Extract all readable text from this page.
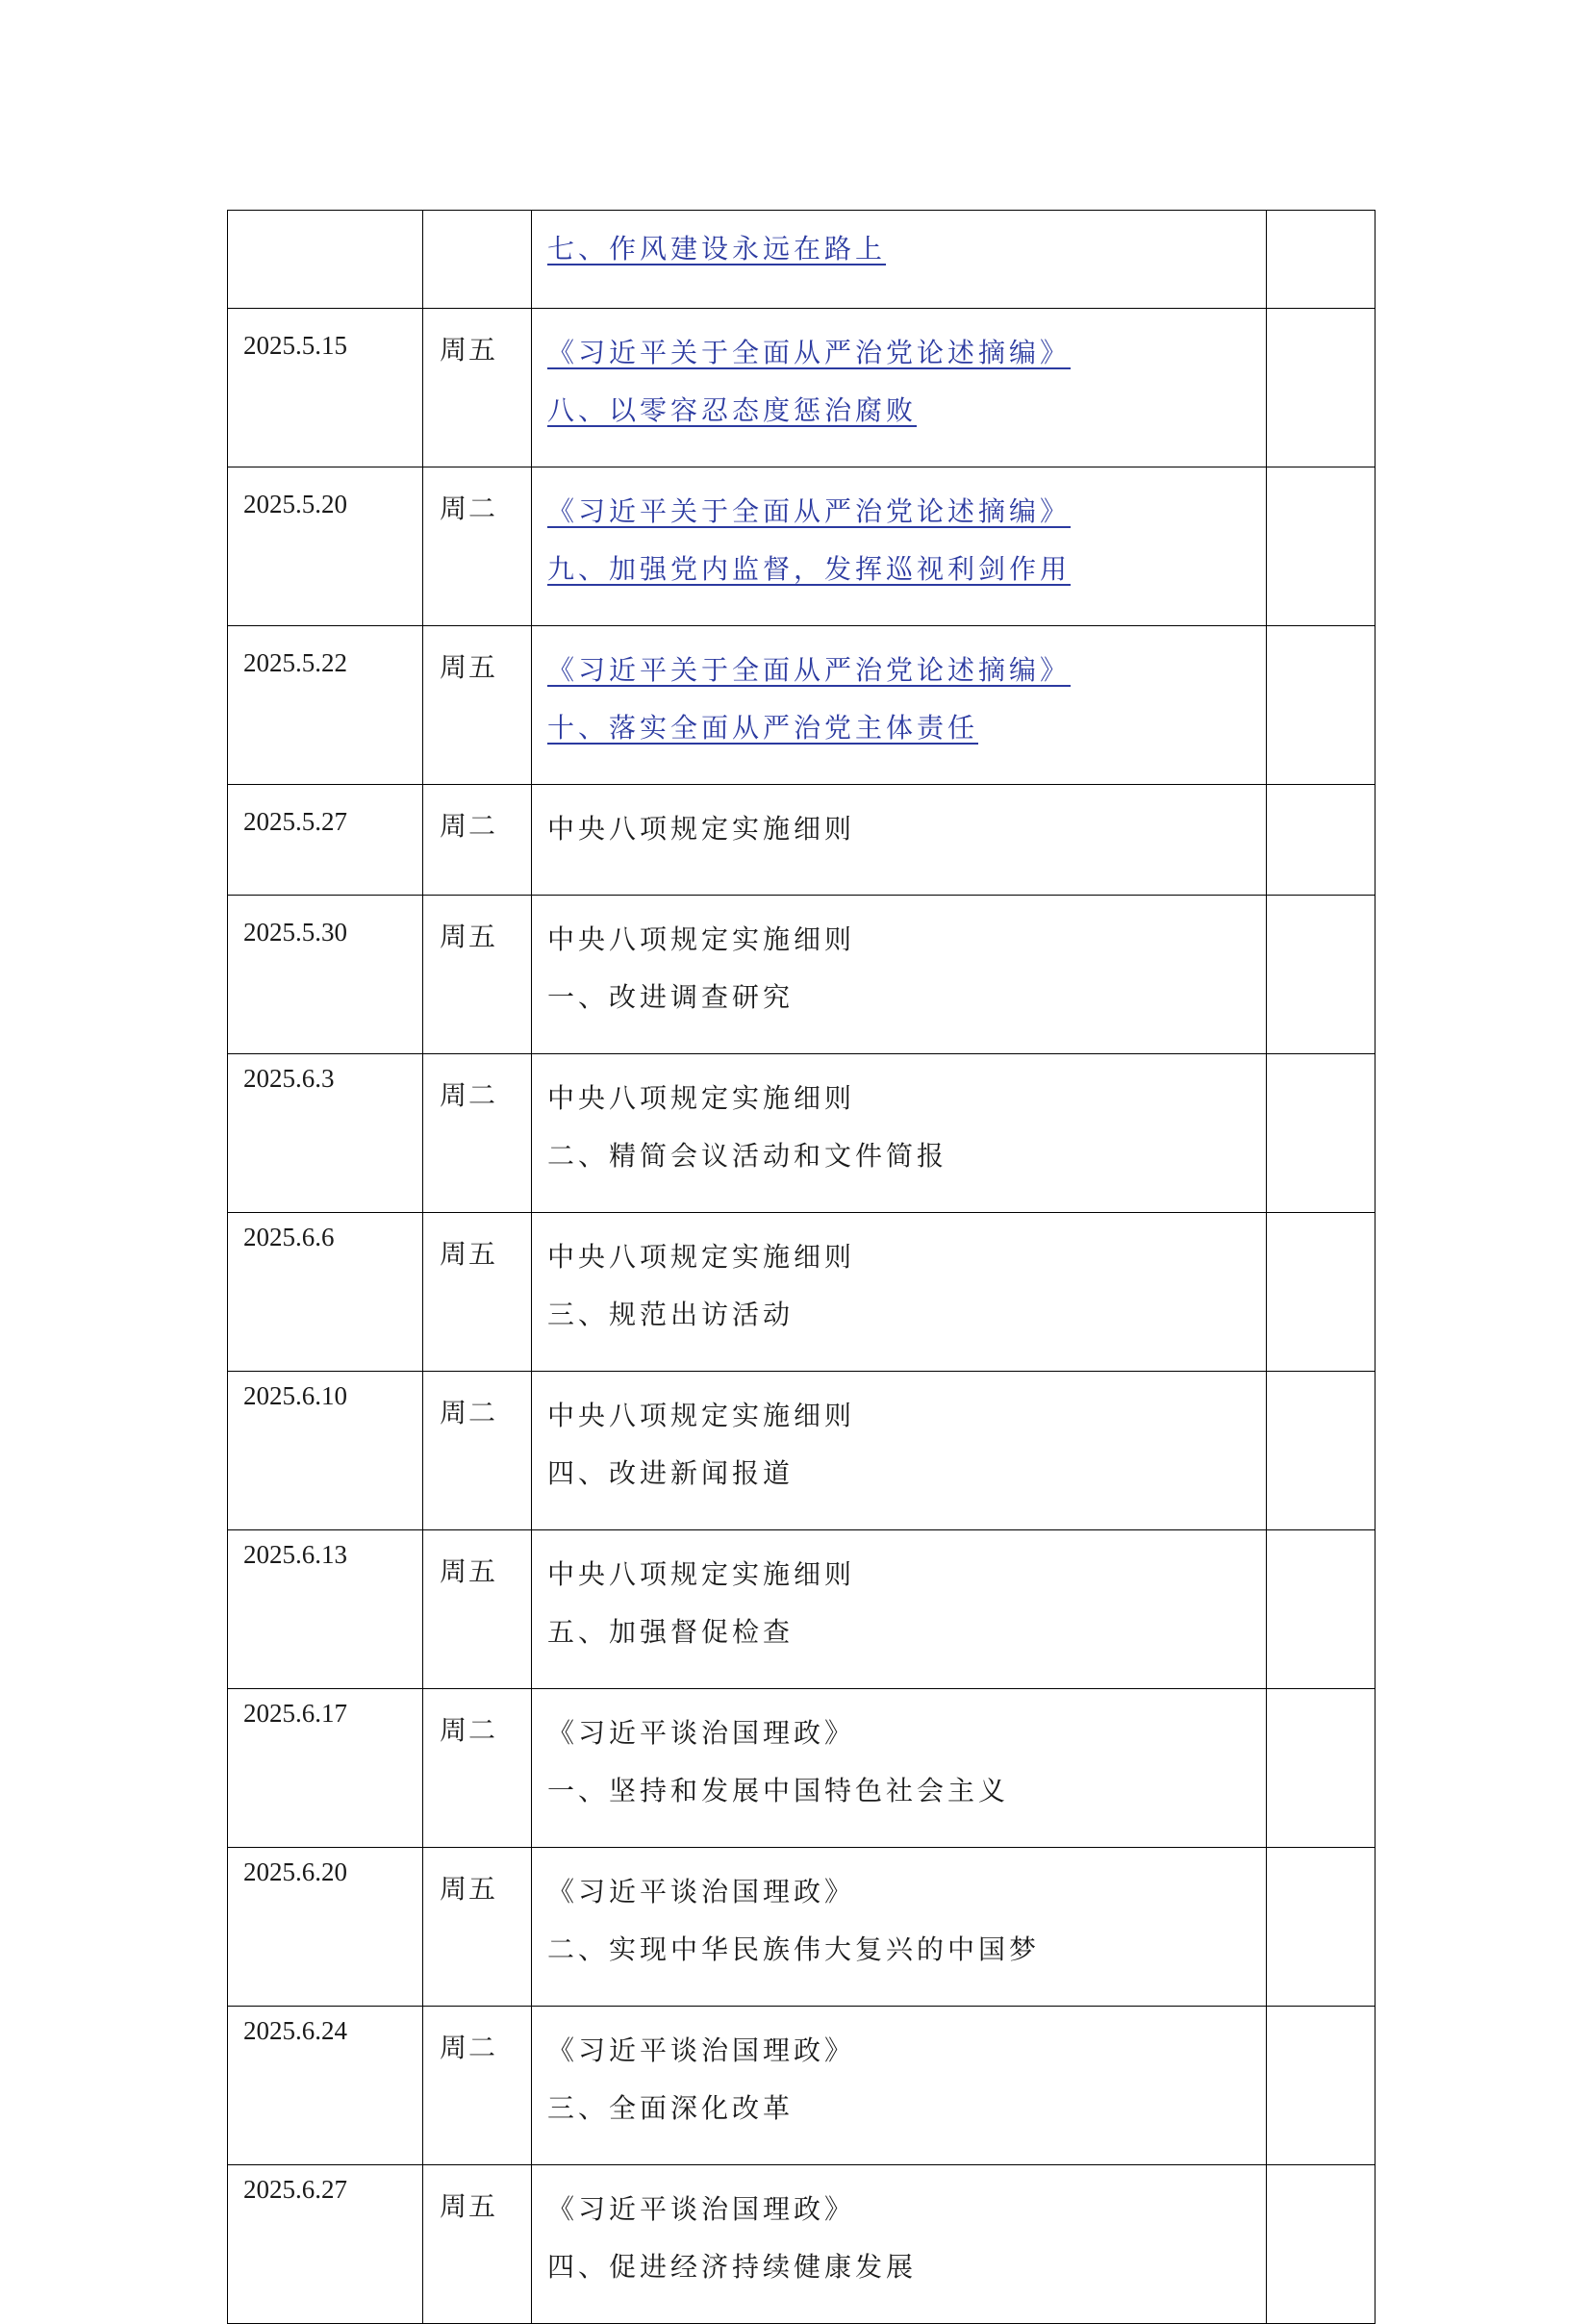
		七、作风建设永远在路上	

2025.5.15	周五	《习近平关于全面从严治党论述摘编》
八、以零容忍态度惩治腐败	

2025.5.20	周二	《习近平关于全面从严治党论述摘编》
九、加强党内监督，发挥巡视利剑作用	

2025.5.22	周五	《习近平关于全面从严治党论述摘编》
十、落实全面从严治党主体责任	

2025.5.27	周二	中央八项规定实施细则	

2025.5.30	周五	中央八项规定实施细则
一、改进调查研究	

2025.6.3	周二	中央八项规定实施细则
二、精简会议活动和文件简报	

2025.6.6	周五	中央八项规定实施细则
三、规范出访活动	

2025.6.10	周二	中央八项规定实施细则
四、改进新闻报道	

2025.6.13	周五	中央八项规定实施细则
五、加强督促检查	

2025.6.17	周二	《习近平谈治国理政》
一、坚持和发展中国特色社会主义	

2025.6.20	周五	《习近平谈治国理政》
二、实现中华民族伟大复兴的中国梦	

2025.6.24	周二	《习近平谈治国理政》
三、全面深化改革	

2025.6.27	周五	《习近平谈治国理政》
四、促进经济持续健康发展	
